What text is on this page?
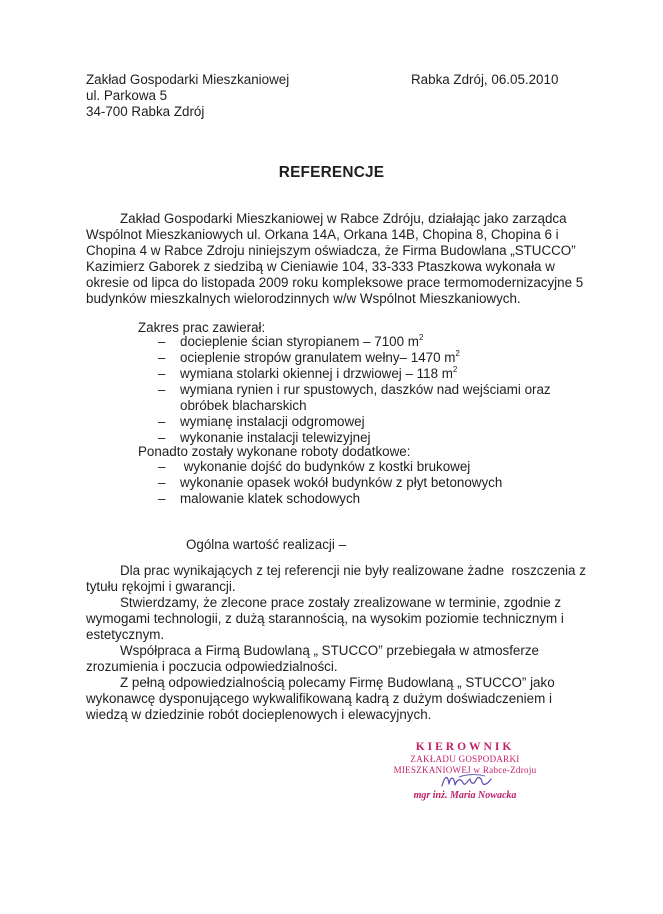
Zakład Gospodarki Mieszkaniowej
ul. Parkowa 5
34-700 Rabka Zdrój
Rabka Zdrój, 06.05.2010
REFERENCJE
Zakład Gospodarki Mieszkaniowej w Rabce Zdróju, działając jako zarządca
Wspólnot Mieszkaniowych ul. Orkana 14A, Orkana 14B, Chopina 8, Chopina 6 i
Chopina 4 w Rabce Zdroju niniejszym oświadcza, że Firma Budowlana „STUCCO”
Kazimierz Gaborek z siedzibą w Cieniawie 104, 33-333 Ptaszkowa wykonała w
okresie od lipca do listopada 2009 roku kompleksowe prace termomodernizacyjne 5
budynków mieszkalnych wielorodzinnych w/w Wspólnot Mieszkaniowych.
Zakres prac zawierał:
– docieplenie ścian styropianem – 7100 $m^2$
– ocieplenie stropów granulatem wełny– 1470 $m^2$
– wymiana stolarki okiennej i drzwiowej – 118 $m^2$
– wymiana rynien i rur spustowych, daszków nad wejściami oraz
obróbek blacharskich
– wymianę instalacji odgromowej
– wykonanie instalacji telewizyjnej
Ponadto zostały wykonane roboty dodatkowe:
– wykonanie dojść do budynków z kostki brukowej
– wykonanie opasek wokół budynków z płyt betonowych
– malowanie klatek schodowych
Ogólna wartość realizacji –
Dla prac wynikających z tej referencji nie były realizowane żadne  roszczenia z
tytułu rękojmi i gwarancji.
Stwierdzamy, że zlecone prace zostały zrealizowane w terminie, zgodnie z
wymogami technologii, z dużą starannością, na wysokim poziomie technicznym i
estetycznym.
Współpraca a Firmą Budowlaną „ STUCCO” przebiegała w atmosferze
zrozumienia i poczucia odpowiedzialności.
Z pełną odpowiedzialnością polecamy Firmę Budowlaną „ STUCCO” jako
wykonawcę dysponującego wykwalifikowaną kadrą z dużym doświadczeniem i
wiedzą w dziedzinie robót docieplenowych i elewacyjnych.
KIEROWNIK
ZAKŁADU GOSPODARKI
MIESZKANIOWEJ w Rabce-Zdroju
mgr inż. Maria Nowacka
